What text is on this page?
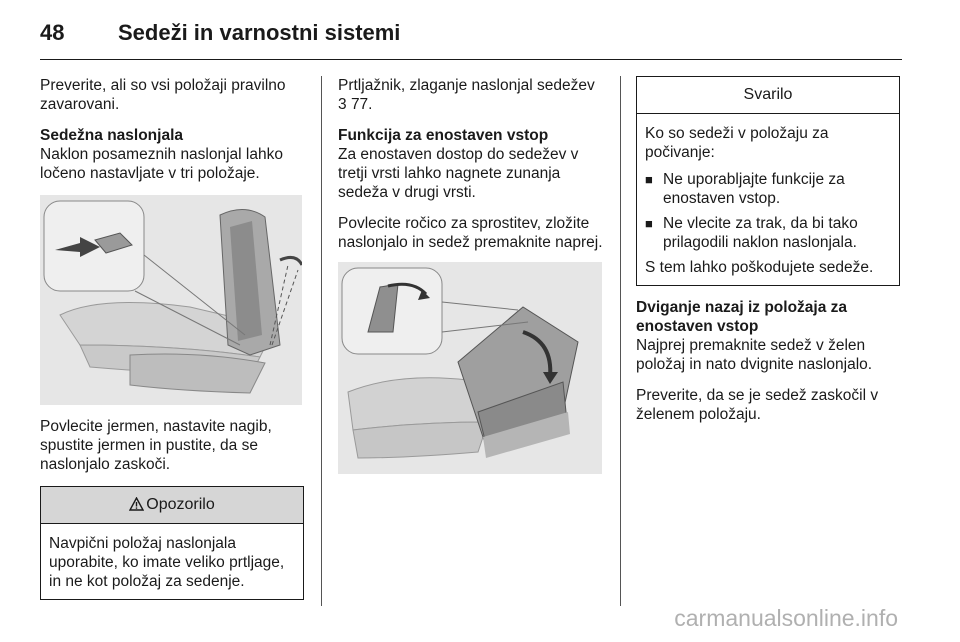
48 Sedeži in varnostni sistemi

Preverite, ali so vsi položaji pravilno zavarovani.

Sedežna naslonjala

Naklon posameznih naslonjal lahko ločeno nastavljate v tri položaje.

Povlecite jermen, nastavite nagib, spustite jermen in pustite, da se naslonjalo zaskoči.

Opozorilo

Navpični položaj naslonjala uporabite, ko imate veliko prtljage, in ne kot položaj za sedenje.

Prtljažnik, zlaganje naslonjal sedežev 3 77.

Funkcija za enostaven vstop

Za enostaven dostop do sedežev v tretji vrsti lahko nagnete zunanja sedeža v drugi vrsti.

Povlecite ročico za sprostitev, zložite naslonjalo in sedež premaknite naprej.

Svarilo

Ko so sedeži v položaju za počivanje:

■ Ne uporabljajte funkcije za enostaven vstop.
■ Ne vlecite za trak, da bi tako prilagodili naklon naslonjala.

S tem lahko poškodujete sedeže.

Dviganje nazaj iz položaja za enostaven vstop

Najprej premaknite sedež v želen položaj in nato dvignite naslonjalo.

Preverite, da se je sedež zaskočil v želenem položaju.

carmanualsonline.info
